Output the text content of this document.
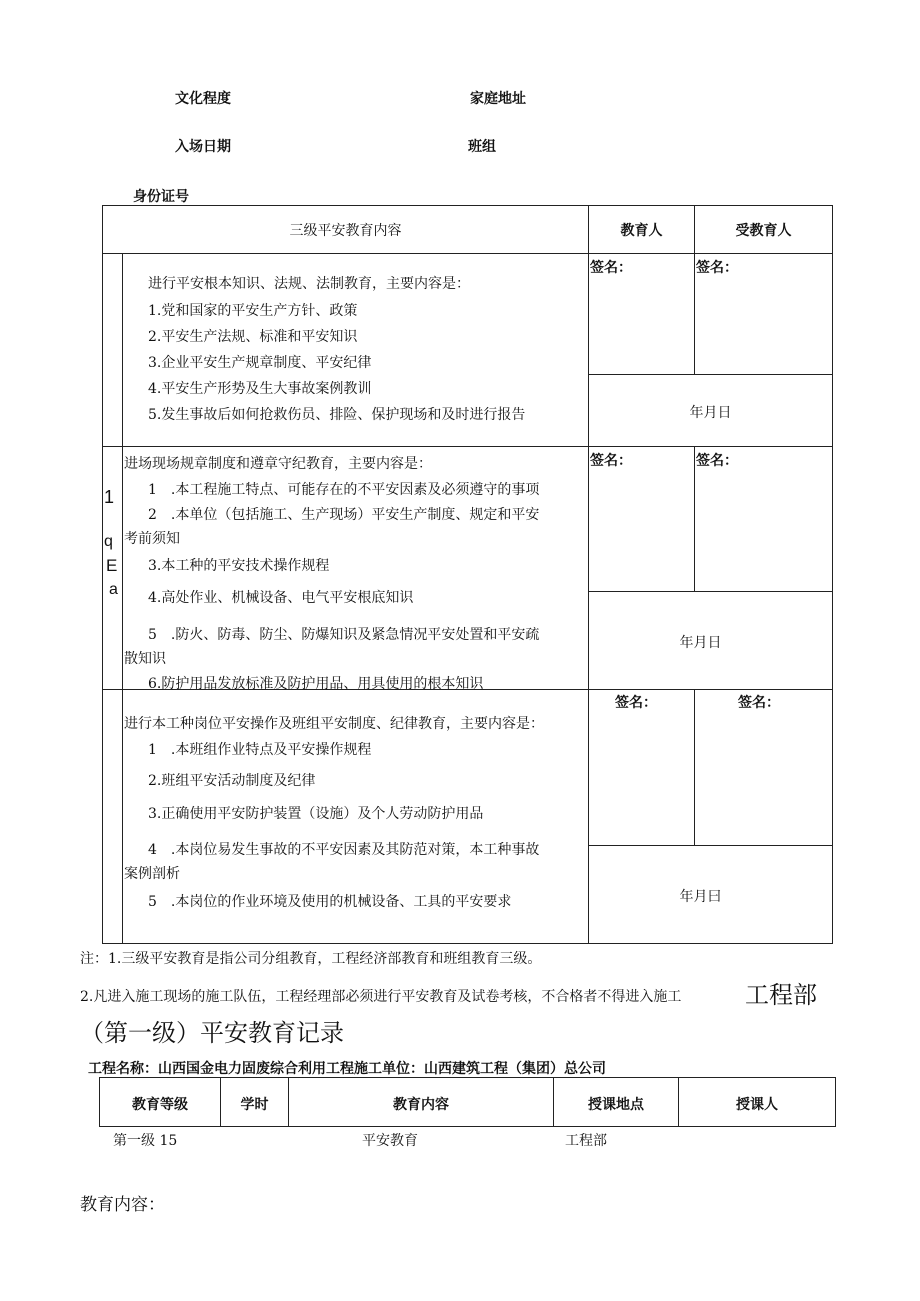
文化程度	家庭地址
入场日期	班组
身份证号
三级平安教育内容	教育人	受教育人
1
q
E
a
进行平安根本知识、法规、法制教育，主要内容是：
1.党和国家的平安生产方针、政策
2.平安生产法规、标准和平安知识
3.企业平安生产规章制度、平安纪律
4.平安生产形势及生大事故案例教训
5.发生事故后如何抢救伤员、排险、保护现场和及时进行报告
签名：	签名：
年月日
进场现场规章制度和遵章守纪教育，主要内容是：
1　.本工程施工特点、可能存在的不平安因素及必须遵守的事项
2　.本单位（包括施工、生产现场）平安生产制度、规定和平安
考前须知
3.本工种的平安技术操作规程
4.高处作业、机械设备、电气平安根底知识
5　.防火、防毒、防尘、防爆知识及紧急情况平安处置和平安疏
散知识
6.防护用品发放标准及防护用品、用具使用的根本知识
签名：	签名：
年月日
进行本工种岗位平安操作及班组平安制度、纪律教育，主要内容是：
1　.本班组作业特点及平安操作规程
2.班组平安活动制度及纪律
3.正确使用平安防护装置（设施）及个人劳动防护用品
4　.本岗位易发生事故的不平安因素及其防范对策，本工种事故
案例剖析
5　.本岗位的作业环境及使用的机械设备、工具的平安要求
签名：	签名：
年月曰
注：1.三级平安教育是指公司分组教育，工程经济部教育和班组教育三级。
2.凡进入施工现场的施工队伍，工程经理部必须进行平安教育及试卷考核，不合格者不得进入施工	工程部
（第一级）平安教育记录
工程名称：山西国金电力固废综合利用工程施工单位：山西建筑工程（集团）总公司
教育等级	学时	教育内容	授课地点	授课人
第一级 15	平安教育	工程部
教育内容：
